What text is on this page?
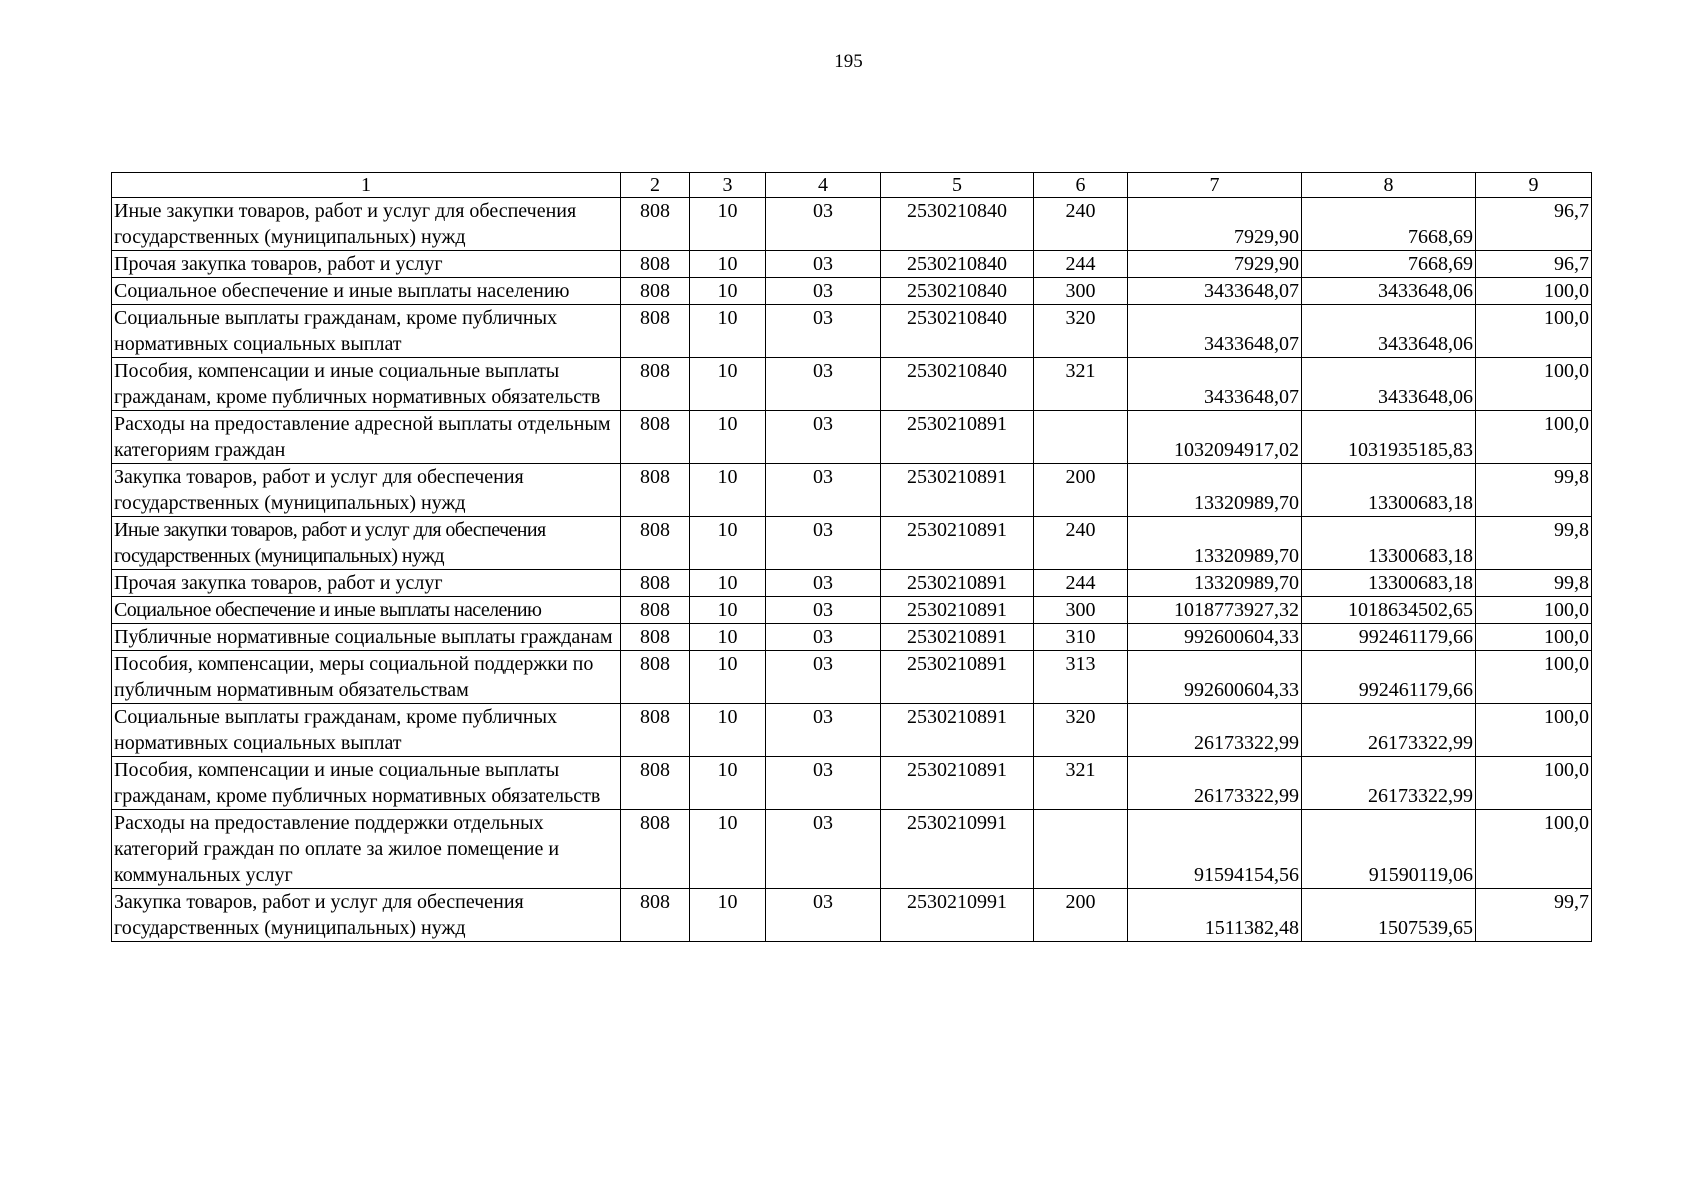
195
1	2	3	4	5	6	7	8	9
Иные закупки товаров, работ и услуг для обеспечения государственных (муниципальных) нужд	808	10	03	2530210840	240	7929,90	7668,69	96,7
Прочая закупка товаров, работ и услуг	808	10	03	2530210840	244	7929,90	7668,69	96,7
Социальное обеспечение и иные выплаты населению	808	10	03	2530210840	300	3433648,07	3433648,06	100,0
Социальные выплаты гражданам, кроме публичных нормативных социальных выплат	808	10	03	2530210840	320	3433648,07	3433648,06	100,0
Пособия, компенсации и иные социальные выплаты гражданам, кроме публичных нормативных обязательств	808	10	03	2530210840	321	3433648,07	3433648,06	100,0
Расходы на предоставление адресной выплаты отдельным категориям граждан	808	10	03	2530210891		1032094917,02	1031935185,83	100,0
Закупка товаров, работ и услуг для обеспечения государственных (муниципальных) нужд	808	10	03	2530210891	200	13320989,70	13300683,18	99,8
Иные закупки товаров, работ и услуг для обеспечения государственных (муниципальных) нужд	808	10	03	2530210891	240	13320989,70	13300683,18	99,8
Прочая закупка товаров, работ и услуг	808	10	03	2530210891	244	13320989,70	13300683,18	99,8
Социальное обеспечение и иные выплаты населению	808	10	03	2530210891	300	1018773927,32	1018634502,65	100,0
Публичные нормативные социальные выплаты гражданам	808	10	03	2530210891	310	992600604,33	992461179,66	100,0
Пособия, компенсации, меры социальной поддержки по публичным нормативным обязательствам	808	10	03	2530210891	313	992600604,33	992461179,66	100,0
Социальные выплаты гражданам, кроме публичных нормативных социальных выплат	808	10	03	2530210891	320	26173322,99	26173322,99	100,0
Пособия, компенсации и иные социальные выплаты гражданам, кроме публичных нормативных обязательств	808	10	03	2530210891	321	26173322,99	26173322,99	100,0
Расходы на предоставление поддержки отдельных категорий граждан по оплате за жилое помещение и коммунальных услуг	808	10	03	2530210991		91594154,56	91590119,06	100,0
Закупка товаров, работ и услуг для обеспечения государственных (муниципальных) нужд	808	10	03	2530210991	200	1511382,48	1507539,65	99,7
